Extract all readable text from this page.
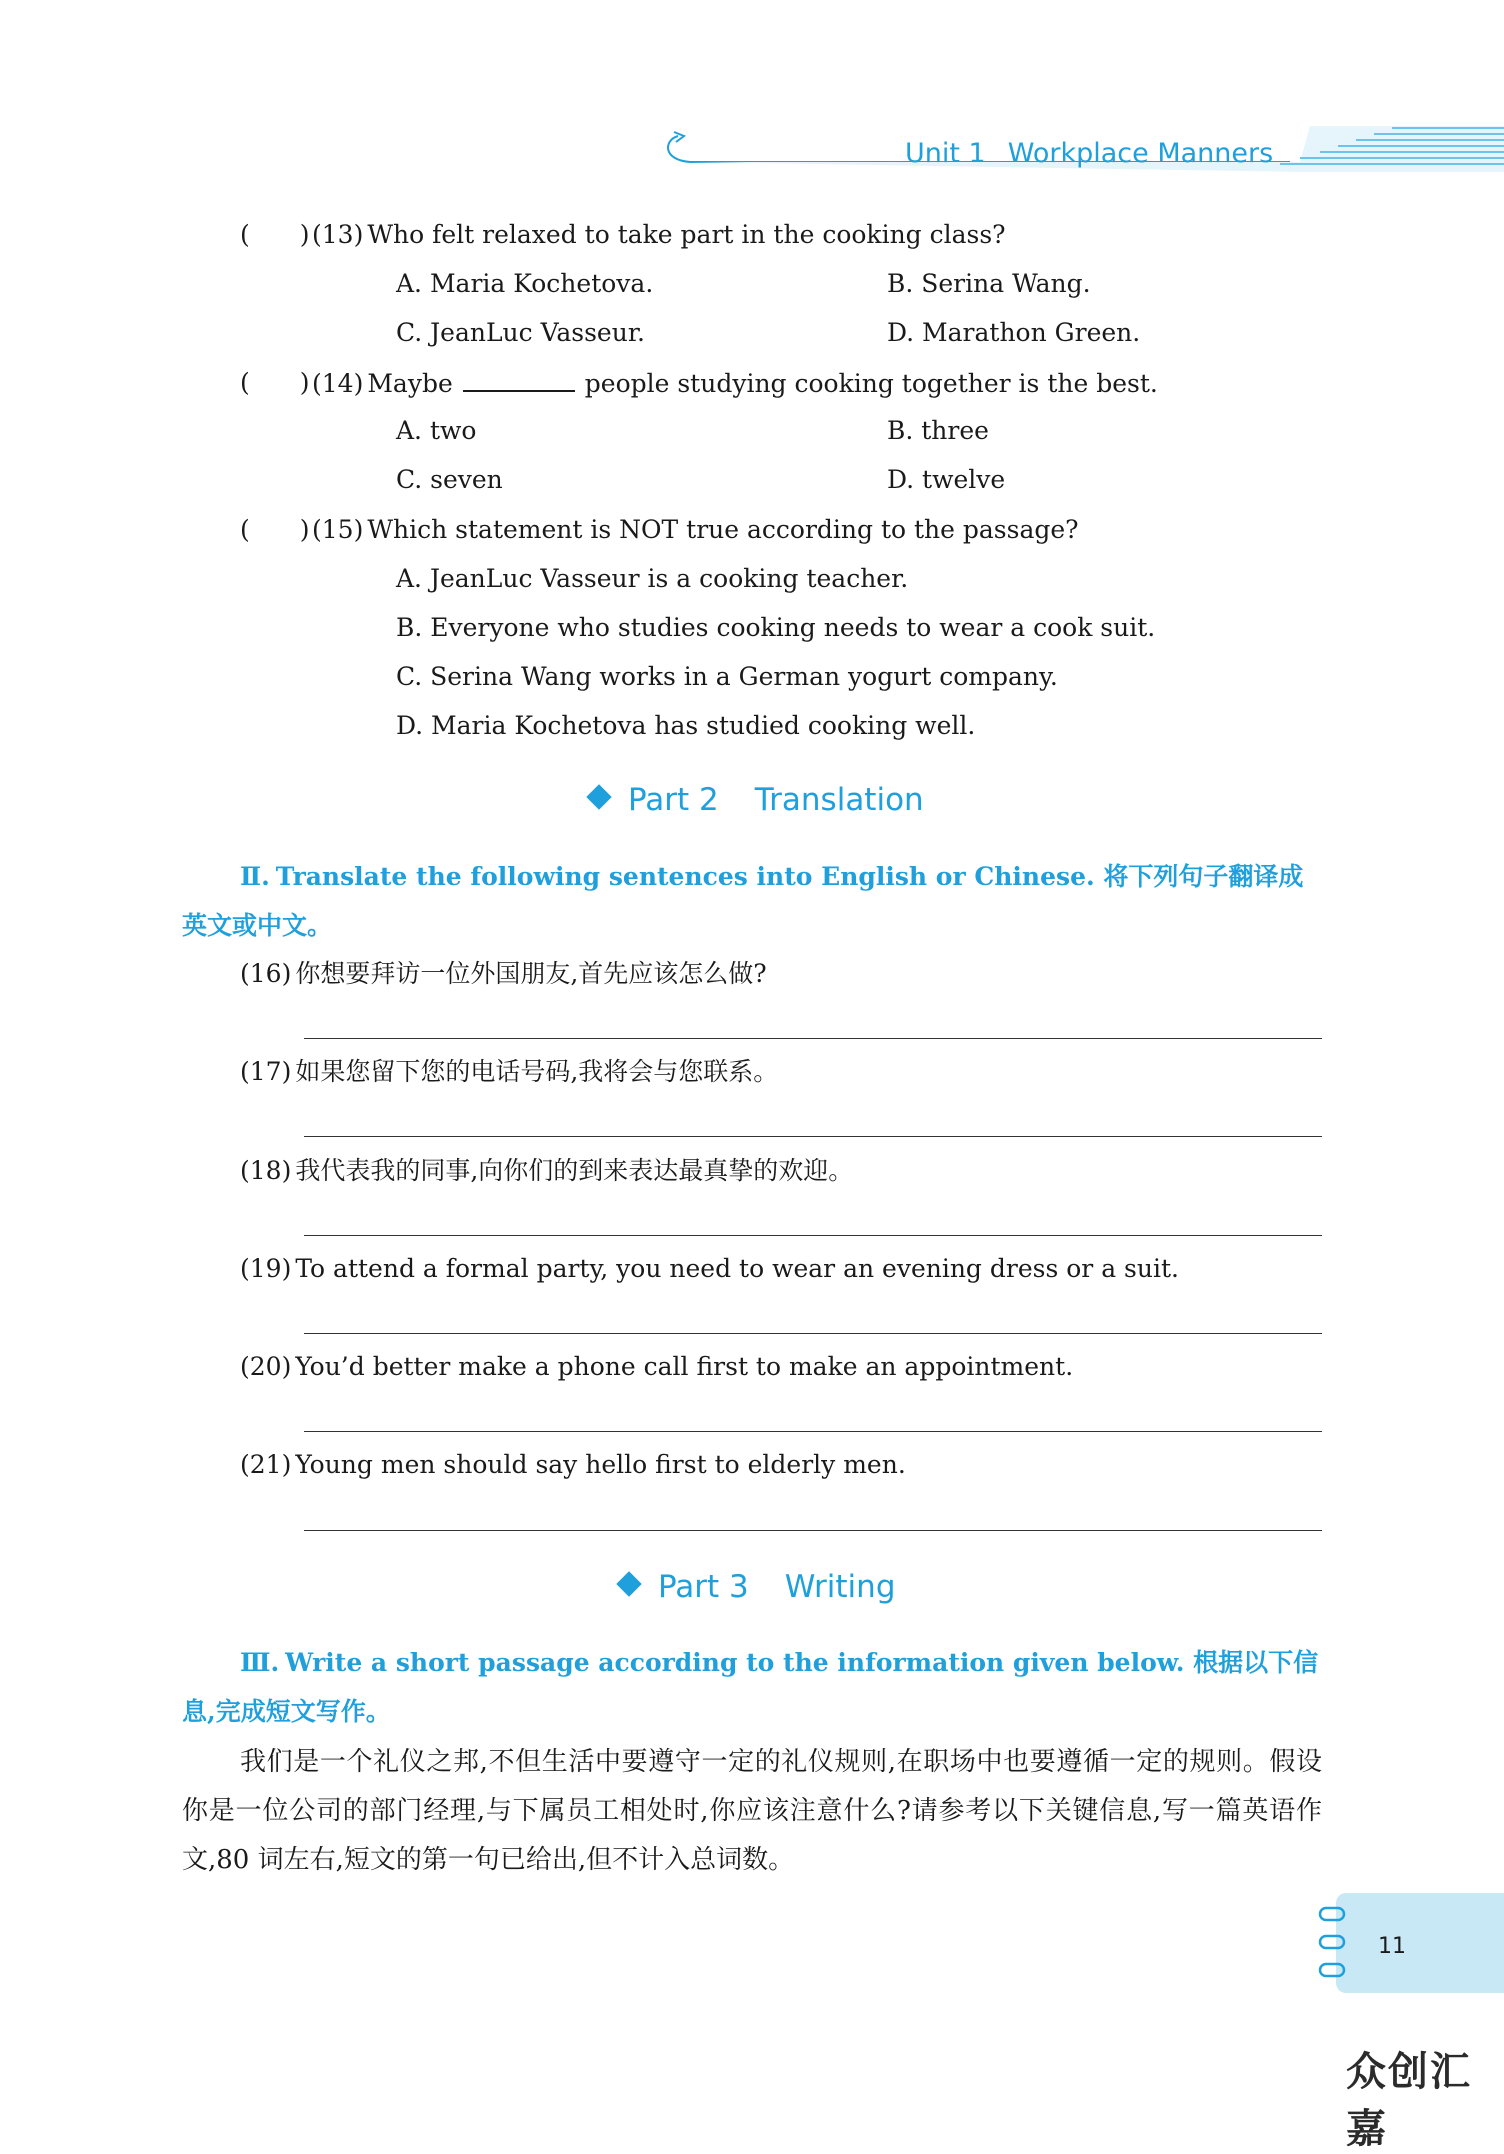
Unit 1 Workplace Manners
( ) (13) Who felt relaxed to take part in the cooking class?
A. Maria Kochetova.	B. Serina Wang.
C. JeanLuc Vasseur.	D. Marathon Green.
( ) (14) Maybe	people studying cooking together is the best.
A. two	B. three
C. seven	D. twelve
( ) (15) Which statement is NOT true according to the passage?
A. JeanLuc Vasseur is a cooking teacher.
B. Everyone who studies cooking needs to wear a cook suit.
C. Serina Wang works in a German yogurt company.
D. Maria Kochetova has studied cooking well.
Part 2 Translation
Ⅱ. Translate the following sentences into English or Chinese. 将下列句子翻译成英文或中文。
(16) 你想要拜访一位外国朋友,首先应该怎么做?
(17) 如果您留下您的电话号码,我将会与您联系。
(18) 我代表我的同事,向你们的到来表达最真挚的欢迎。
(19) To attend a formal party, you need to wear an evening dress or a suit.
(20) You’d better make a phone call first to make an appointment.
(21) Young men should say hello first to elderly men.
Part 3 Writing
Ⅲ. Write a short passage according to the information given below. 根据以下信息,完成短文写作。
我们是一个礼仪之邦,不但生活中要遵守一定的礼仪规则,在职场中也要遵循一定的规则。假设你是一位公司的部门经理,与下属员工相处时,你应该注意什么?请参考以下关键信息,写一篇英语作文,80 词左右,短文的第一句已给出,但不计入总词数。
11
众创汇嘉
